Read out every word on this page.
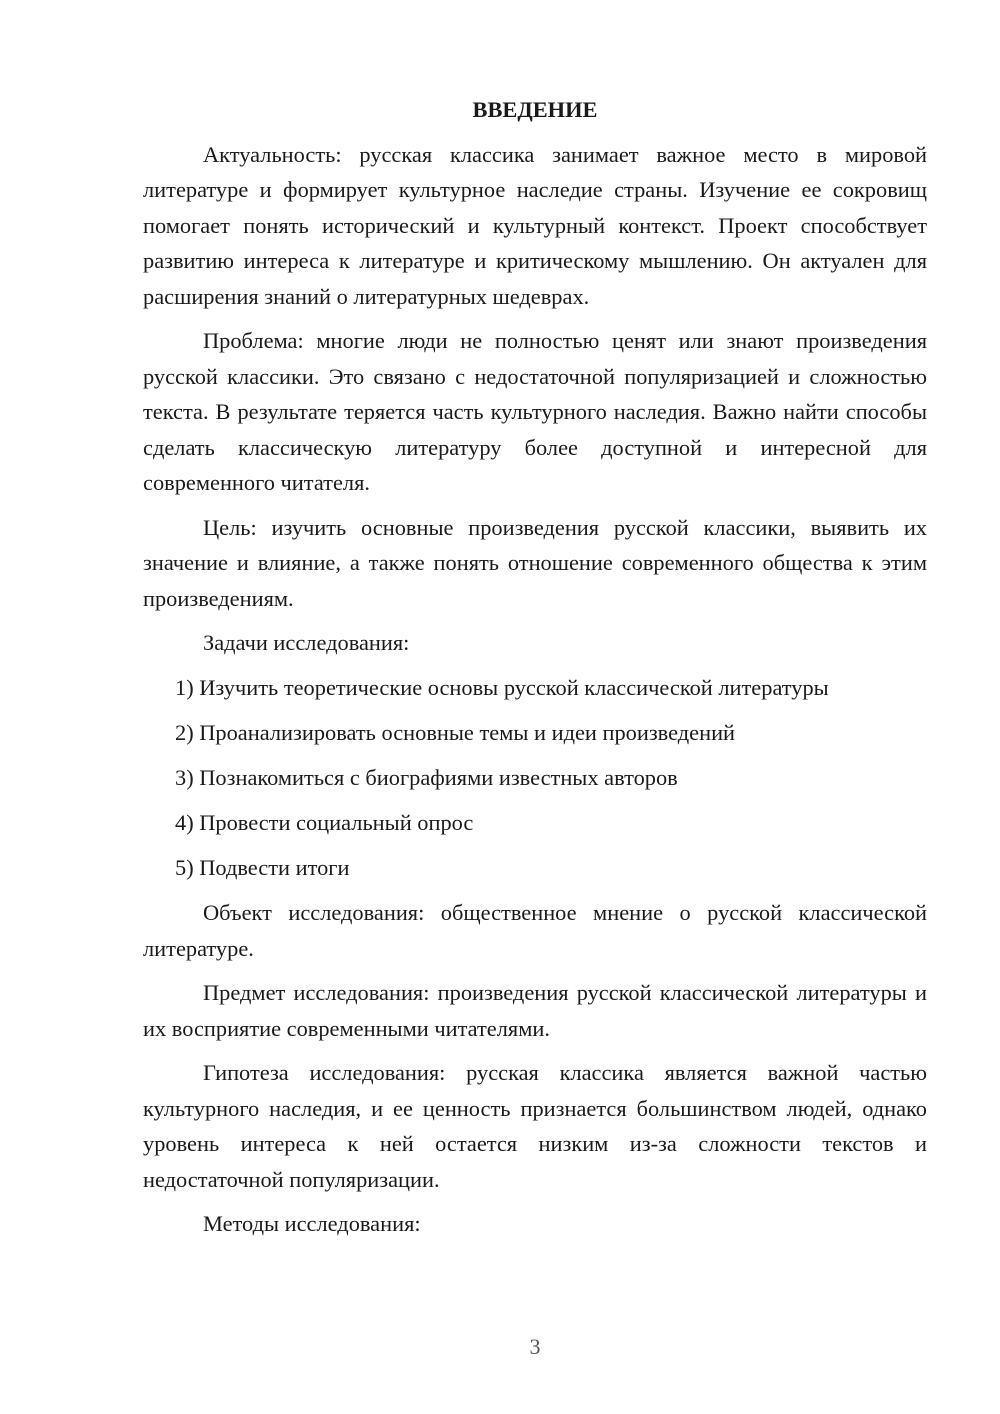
ВВЕДЕНИЕ

Актуальность: русская классика занимает важное место в мировой литературе и формирует культурное наследие страны. Изучение ее сокровищ помогает понять исторический и культурный контекст. Проект способствует развитию интереса к литературе и критическому мышлению. Он актуален для расширения знаний о литературных шедеврах.

Проблема: многие люди не полностью ценят или знают произведения русской классики. Это связано с недостаточной популяризацией и сложностью текста. В результате теряется часть культурного наследия. Важно найти способы сделать классическую литературу более доступной и интересной для современного читателя.

Цель: изучить основные произведения русской классики, выявить их значение и влияние, а также понять отношение современного общества к этим произведениям.

Задачи исследования:

1) Изучить теоретические основы русской классической литературы
2) Проанализировать основные темы и идеи произведений
3) Познакомиться с биографиями известных авторов
4) Провести социальный опрос
5) Подвести итоги

Объект исследования: общественное мнение о русской классической литературе.

Предмет исследования: произведения русской классической литературы и их восприятие современными читателями.

Гипотеза исследования: русская классика является важной частью культурного наследия, и ее ценность признается большинством людей, однако уровень интереса к ней остается низким из-за сложности текстов и недостаточной популяризации.

Методы исследования:

3
